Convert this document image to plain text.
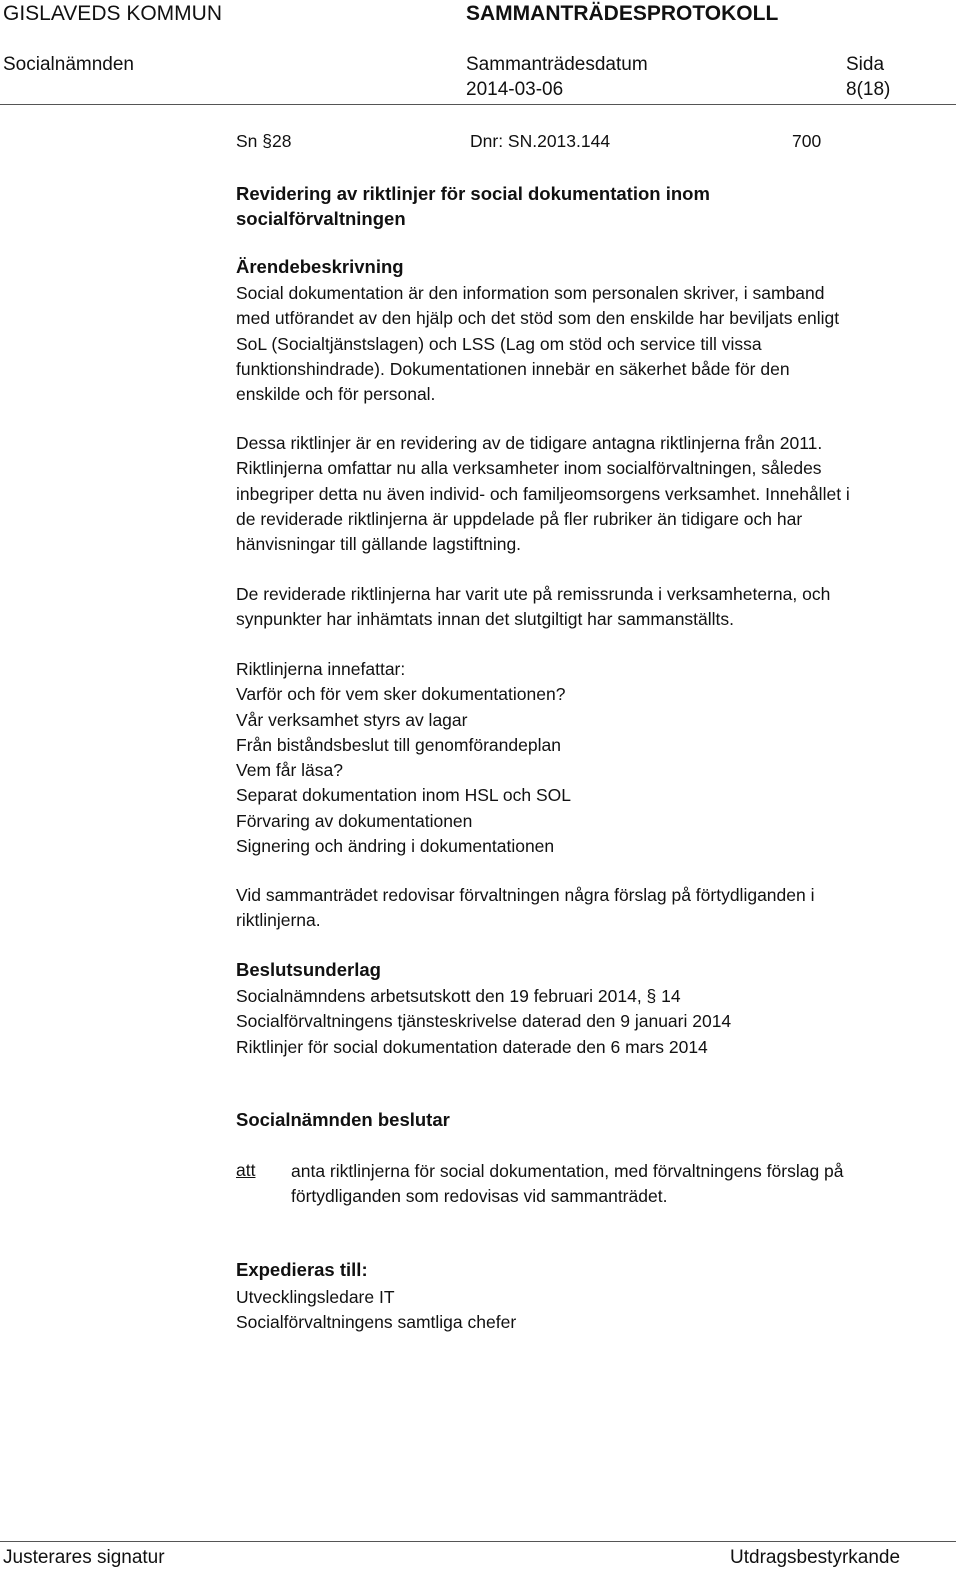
GISLAVEDS KOMMUN	SAMMANTRÄDESPROTOKOLL
Socialnämnden	Sammanträdesdatum
2014-03-06
Sida
8(18)
Sn §28	Dnr: SN.2013.144	700
Revidering av riktlinjer för social dokumentation inom
socialförvaltningen
Ärendebeskrivning
Social dokumentation är den information som personalen skriver, i samband
med utförandet av den hjälp och det stöd som den enskilde har beviljats enligt
SoL (Socialtjänstslagen) och LSS (Lag om stöd och service till vissa
funktionshindrade). Dokumentationen innebär en säkerhet både för den
enskilde och för personal.
Dessa riktlinjer är en revidering av de tidigare antagna riktlinjerna från 2011.
Riktlinjerna omfattar nu alla verksamheter inom socialförvaltningen, således
inbegriper detta nu även individ- och familjeomsorgens verksamhet. Innehållet i
de reviderade riktlinjerna är uppdelade på fler rubriker än tidigare och har
hänvisningar till gällande lagstiftning.
De reviderade riktlinjerna har varit ute på remissrunda i verksamheterna, och
synpunkter har inhämtats innan det slutgiltigt har sammanställts.
Riktlinjerna innefattar:
Varför och för vem sker dokumentationen?
Vår verksamhet styrs av lagar
Från biståndsbeslut till genomförandeplan
Vem får läsa?
Separat dokumentation inom HSL och SOL
Förvaring av dokumentationen
Signering och ändring i dokumentationen
Vid sammanträdet redovisar förvaltningen några förslag på förtydliganden i
riktlinjerna.
Beslutsunderlag
Socialnämndens arbetsutskott den 19 februari 2014, § 14
Socialförvaltningens tjänsteskrivelse daterad den 9 januari 2014
Riktlinjer för social dokumentation daterade den 6 mars 2014
Socialnämnden beslutar
att anta riktlinjerna för social dokumentation, med förvaltningens förslag på
förtydliganden som redovisas vid sammanträdet.
Expedieras till:
Utvecklingsledare IT
Socialförvaltningens samtliga chefer
Justerares signatur	Utdragsbestyrkande
